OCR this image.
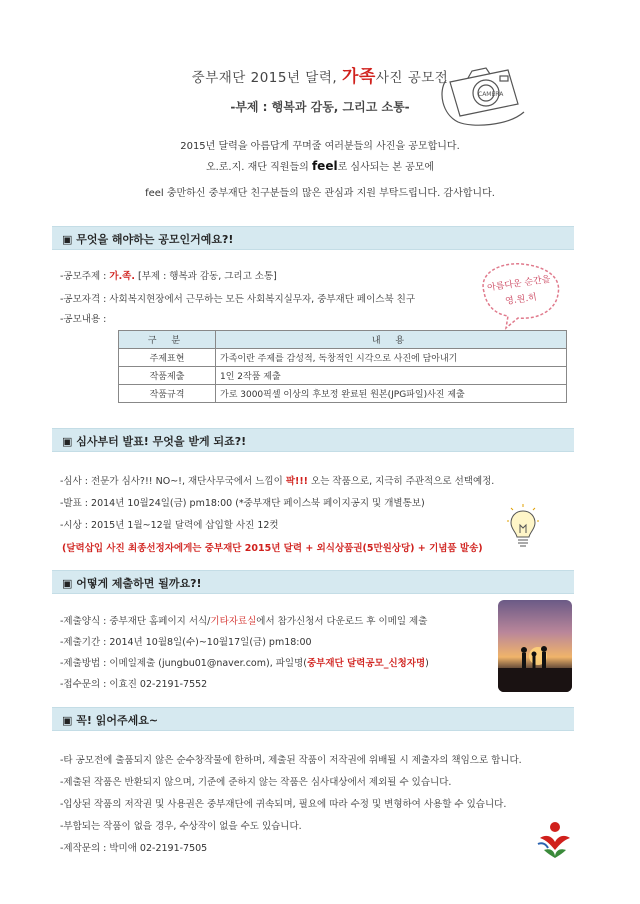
중부재단 2015년 달력, 가족사진 공모전
-부제 : 행복과 감동, 그리고 소통-
CAMERA
2015년 달력을 아름답게 꾸며줄 여러분들의 사진을 공모합니다.
오.로.지. 재단 직원들의 feel로 심사되는 본 공모에
feel 충만하신 중부재단 친구분들의 많은 관심과 지원 부탁드립니다. 감사합니다.
▣ 무엇을 해야하는 공모인거예요?!
-공모주제 : 가.족. [부제 : 행복과 감동, 그리고 소통]
-공모자격 : 사회복지현장에서 근무하는 모든 사회복지실무자, 중부재단 페이스북 친구
-공모내용 :
아름다운 순간을
영.원.히
구 분	내 용
주제표현	가족이란 주제를 감성적, 독창적인 시각으로 사진에 담아내기
작품제출	1인 2작품 제출
작품규격	가로 3000픽셀 이상의 후보정 완료된 원본(JPG파일)사진 제출
▣ 심사부터 발표! 무엇을 받게 되죠?!
-심사 : 전문가 심사?!! NO~!, 재단사무국에서 느낌이 팍!!! 오는 작품으로, 지극히 주관적으로 선택예정.
-발표 : 2014년 10월24일(금) pm18:00 (*중부재단 페이스북 페이지공지 및 개별통보)
-시상 : 2015년 1월~12월 달력에 삽입할 사진 12컷
(달력삽입 사진 최종선정자에게는 중부재단 2015년 달력 + 외식상품권(5만원상당) + 기념품 발송)
▣ 어떻게 제출하면 될까요?!
-제출양식 : 중부재단 홈페이지 서식/기타자료실에서 참가신청서 다운로드 후 이메일 제출
-제출기간 : 2014년 10월8일(수)~10월17일(금) pm18:00
-제출방법 : 이메일제출 (jungbu01@naver.com), 파일명(중부재단 달력공모_신청자명)
-접수문의 : 이효진 02-2191-7552
▣ 꼭! 읽어주세요~
-타 공모전에 출품되지 않은 순수창작물에 한하며, 제출된 작품이 저작권에 위배될 시 제출자의 책임으로 합니다.
-제출된 작품은 반환되지 않으며, 기준에 준하지 않는 작품은 심사대상에서 제외될 수 있습니다.
-입상된 작품의 저작권 및 사용권은 중부재단에 귀속되며, 필요에 따라 수정 및 변형하여 사용할 수 있습니다.
-부합되는 작품이 없을 경우, 수상작이 없을 수도 있습니다.
-제작문의 : 박미애 02-2191-7505
